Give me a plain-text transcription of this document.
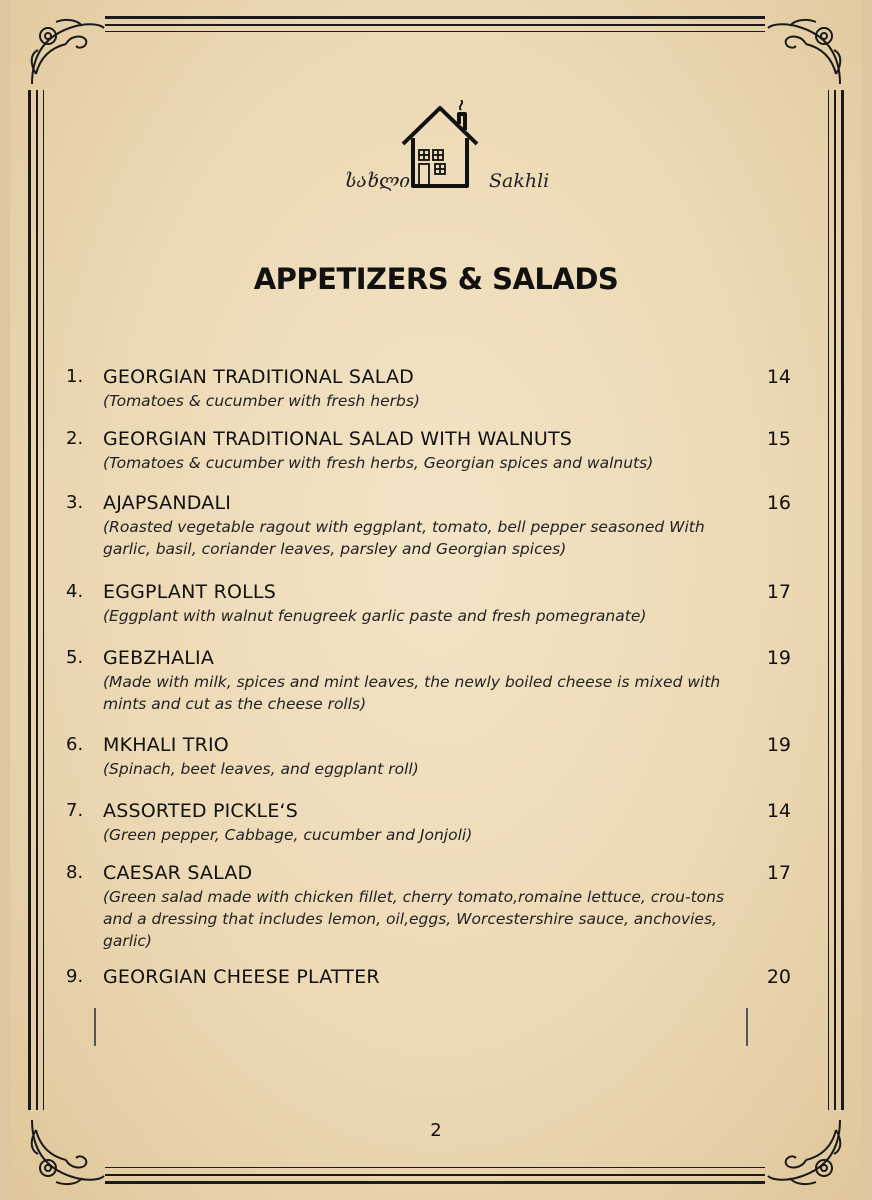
სახლი	Sakhli
APPETIZERS & SALADS
1. GEORGIAN TRADITIONAL SALAD	14
(Tomatoes & cucumber with fresh herbs)
2. GEORGIAN TRADITIONAL SALAD WITH WALNUTS	15
(Tomatoes & cucumber with fresh herbs, Georgian spices and walnuts)
3. AJAPSANDALI	16
(Roasted vegetable ragout with eggplant, tomato, bell pepper seasoned With garlic, basil, coriander leaves, parsley and Georgian spices)
4. EGGPLANT ROLLS	17
(Eggplant with walnut fenugreek garlic paste and fresh pomegranate)
5. GEBZHALIA	19
(Made with milk, spices and mint leaves, the newly boiled cheese is mixed with mints and cut as the cheese rolls)
6. MKHALI TRIO	19
(Spinach, beet leaves, and eggplant roll)
7. ASSORTED PICKLE‘S	14
(Green pepper, Cabbage, cucumber and Jonjoli)
8. CAESAR SALAD	17
(Green salad made with chicken fillet, cherry tomato,romaine lettuce, crou-tons and a dressing that includes lemon, oil,eggs, Worcestershire sauce, anchovies, garlic)
9. GEORGIAN CHEESE PLATTER	20
2
